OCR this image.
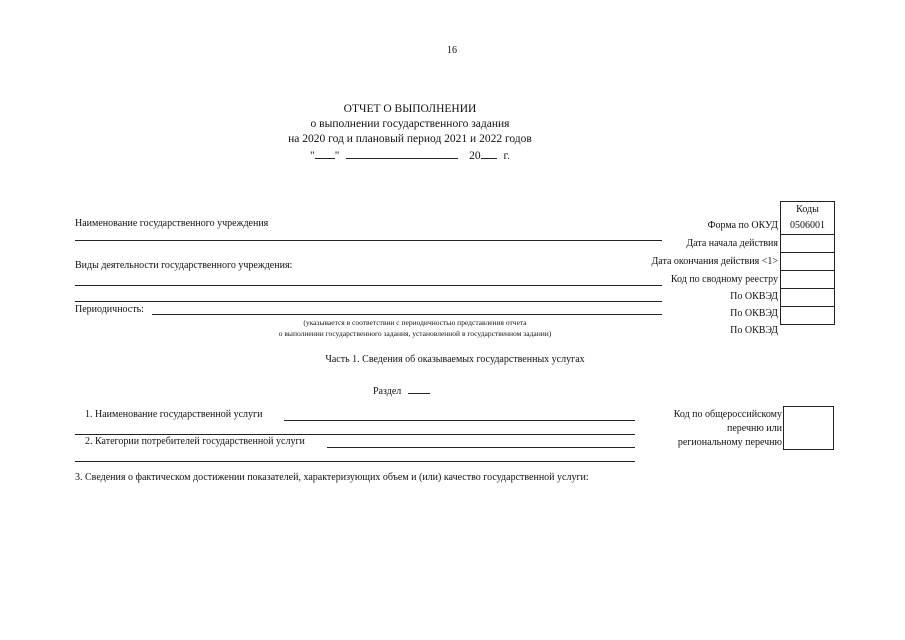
16
ОТЧЕТ О ВЫПОЛНЕНИИ
о выполнении государственного задания
на 2020 год и плановый период 2021 и 2022 годов
" "	20 г.
Коды
0506001
Форма по ОКУД
Дата начала действия
Дата окончания действия <1>
Код по сводному реестру
По ОКВЭД
По ОКВЭД
По ОКВЭД
Наименование государственного учреждения
Виды деятельности государственного учреждения:
Периодичность:
(указывается в соответствии с периодичностью представления отчета
о выполнении государственного задания, установленной в государственном задании)
Часть 1. Сведения об оказываемых государственных услугах
Раздел
1. Наименование государственной услуги
2. Категории потребителей государственной услуги
Код по общероссийскому
перечню или
региональному перечню
3. Сведения о фактическом достижении показателей, характеризующих объем и (или) качество государственной услуги:
